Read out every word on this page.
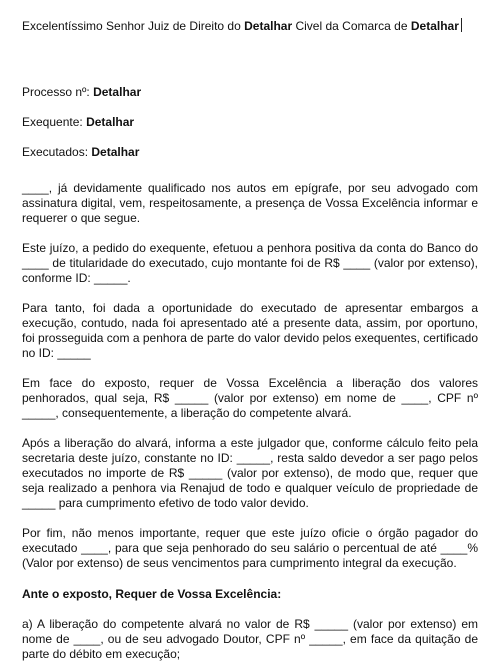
Excelentíssimo Senhor Juiz de Direito do Detalhar Civel da Comarca de Detalhar
Processo nº: Detalhar
Exequente: Detalhar
Executados: Detalhar

____, já devidamente qualificado nos autos em epígrafe, por seu advogado com assinatura digital, vem, respeitosamente, a presença de Vossa Excelência informar e requerer o que segue.

Este juízo, a pedido do exequente, efetuou a penhora positiva da conta do Banco do ____ de titularidade do executado, cujo montante foi de R$ ____ (valor por extenso), conforme ID: _____.

Para tanto, foi dada a oportunidade do executado de apresentar embargos a execução, contudo, nada foi apresentado até a presente data, assim, por oportuno, foi prosseguida com a penhora de parte do valor devido pelos exequentes, certificado no ID: _____

Em face do exposto, requer de Vossa Excelência a liberação dos valores penhorados, qual seja, R$ _____ (valor por extenso) em nome de ____, CPF nº _____, consequentemente, a liberação do competente alvará.

Após a liberação do alvará, informa a este julgador que, conforme cálculo feito pela secretaria deste juízo, constante no ID: _____, resta saldo devedor a ser pago pelos executados no importe de R$ _____ (valor por extenso), de modo que, requer que seja realizado a penhora via Renajud de todo e qualquer veículo de propriedade de _____ para cumprimento efetivo de todo valor devido.

Por fim, não menos importante, requer que este juízo oficie o órgão pagador do executado ____, para que seja penhorado do seu salário o percentual de até ____% (Valor por extenso) de seus vencimentos para cumprimento integral da execução.

Ante o exposto, Requer de Vossa Excelência:

a) A liberação do competente alvará no valor de R$ _____ (valor por extenso) em nome de ____, ou de seu advogado Doutor, CPF nº _____, em face da quitação de parte do débito em execução;
